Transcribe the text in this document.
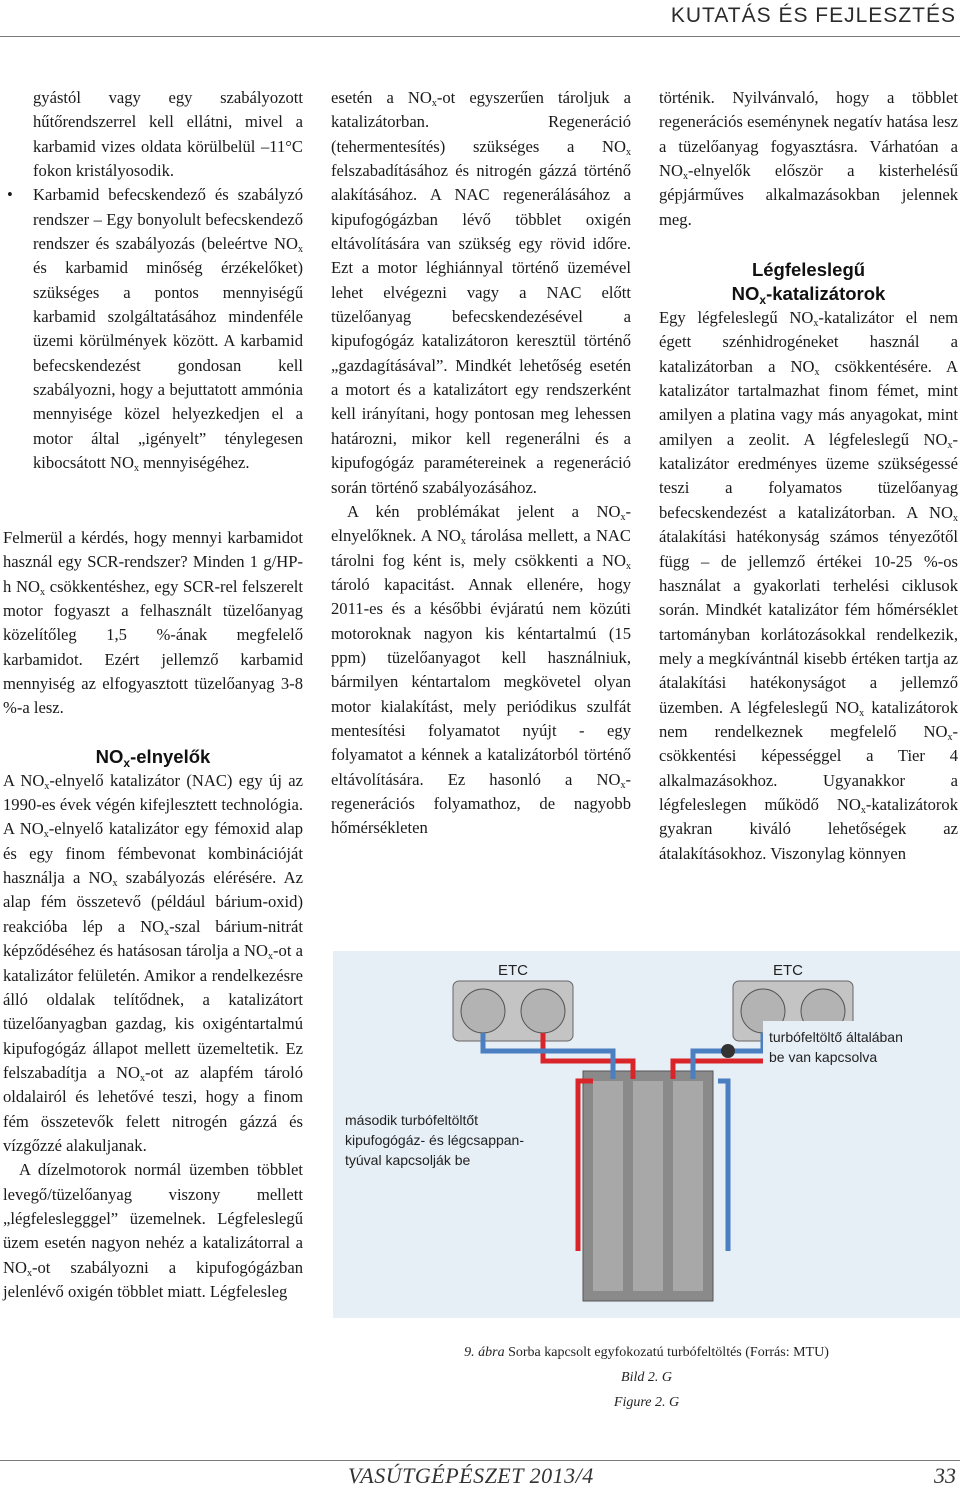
KUTATÁS ÉS FEJLESZTÉS

gyástól vagy egy szabályozott hűtőrendszerrel kell ellátni, mivel a karbamid vizes oldata körülbelül –11°C fokon kristályosodik.

• Karbamid befecskendező és szabályzó rendszer – Egy bonyolult befecskendező rendszer és szabályozás (beleértve $NO_x$ és karbamid minőség érzékelőket) szükséges a pontos mennyiségű karbamid szolgáltatásához mindenféle üzemi körülmények között. A karbamid befecskendezést gondosan kell szabályozni, hogy a bejuttatott ammónia mennyisége közel helyezkedjen el a motor által „igényelt” ténylegesen kibocsátott $NO_x$ mennyiségéhez.

Felmerül a kérdés, hogy mennyi karbamidot használ egy SCR-rendszer? Minden 1 g/HP-h $NO_x$ csökkentéshez, egy SCR-rel felszerelt motor fogyaszt a felhasznált tüzelőanyag közelítőleg 1,5 %-ának megfelelő karbamidot. Ezért jellemző karbamid mennyiség az elfogyasztott tüzelőanyag 3-8 %-a lesz.

$NO_x$-elnyelők

A $NO_x$-elnyelő katalizátor (NAC) egy új az 1990-es évek végén kifejlesztett technológia. A $NO_x$-elnyelő katalizátor egy fémoxid alap és egy finom fémbevonat kombinációját használja a $NO_x$ szabályozás elérésére. Az alap fém összetevő (például bárium-oxid) reakcióba lép a $NO_x$-szal bárium-nitrát képződéséhez és hatásosan tárolja a $NO_x-ot$ a katalizátor felületén. Amikor a rendelkezésre álló oldalak telítődnek, a katalizátort tüzelőanyagban gazdag, kis oxigéntartalmú kipufogógáz állapot mellett üzemeltetik. Ez felszabadítja a $NO_x-ot$ az alapfém tároló oldalairól és lehetővé teszi, hogy a finom fém összetevők felett nitrogén gázzá és vízgőzzé alakuljanak.

A dízelmotorok normál üzemben többlet levegő/tüzelőanyag viszony mellett „légfeleslegggel” üzemelnek. Légfeleslegű üzem esetén nagyon nehéz a katalizátorral a $NO_x-ot$ szabályozni a kipufogógázban jelenlévő oxigén többlet miatt. Légfelesleg

esetén a $NO_x-ot$ egyszerűen tároljuk a katalizátorban. Regeneráció (tehermentesítés) szükséges a $NO_x$ felszabadításához és nitrogén gázzá történő alakításához. A NAC regenerálásához a kipufogógázban lévő többlet oxigén eltávolítására van szükség egy rövid időre. Ezt a motor léghiánnyal történő üzemével lehet elvégezni vagy a NAC előtt tüzelőanyag befecskendezésével a kipufogógáz katalizátoron keresztül történő „gazdagításával”. Mindkét lehetőség esetén a motort és a katalizátort egy rendszerként kell irányítani, hogy pontosan meg lehessen határozni, mikor kell regenerálni és a kipufogógáz paramétereinek a regeneráció során történő szabályozásához.

A kén problémákat jelent a $NO_x$-elnyelőknek. A $NO_x$ tárolása mellett, a NAC tárolni fog ként is, mely csökkenti a $NO_x$ tároló kapacitást. Annak ellenére, hogy 2011-es és a későbbi évjáratú nem közúti motoroknak nagyon kis kéntartalmú (15 ppm) tüzelőanyagot kell használniuk, bármilyen kéntartalom megkövetel olyan motor kialakítást, mely periódikus szulfát mentesítési folyamatot nyújt - egy folyamatot a kénnek a katalizátorból történő eltávolítására. Ez hasonló a $NO_x$-regenerációs folyamathoz, de nagyobb hőmérsékleten

történik. Nyilvánvaló, hogy a többlet regenerációs eseménynek negatív hatása lesz a tüzelőanyag fogyasztásra. Várhatóan a $NO_x$-elnyelők először a kisterhelésű gépjárműves alkalmazásokban jelennek meg.

Légfeleslegű
$NO_x$-katalizátorok

Egy légfeleslegű $NO_x$-katalizátor el nem égett szénhidrogéneket használ a katalizátorban a $NO_x$ csökkentésére. A katalizátor tartalmazhat finom fémet, mint amilyen a platina vagy más anyagokat, mint amilyen a zeolit. A légfeleslegű $NO_x$-katalizátor eredményes üzeme szükségessé teszi a folyamatos tüzelőanyag befecskendezést a katalizátorban. A $NO_x$ átalakítási hatékonyság számos tényezőtől függ – de jellemző értékei 10-25 %-os használat a gyakorlati terhelési ciklusok során. Mindkét katalizátor fém hőmérséklet tartományban korlátozásokkal rendelkezik, mely a megkívántnál kisebb értéken tartja az átalakítási hatékonyságot a jellemző üzemben. A légfeleslegű $NO_x$ katalizátorok nem rendelkeznek megfelelő $NO_x$-csökkentési képességgel a Tier 4 alkalmazásokhoz. Ugyanakkor a légfeleslegen működő $NO_x$-katalizátorok gyakran kiváló lehetőségek az átalakításokhoz. Viszonylag könnyen

ETC	ETC
turbófeltöltő általában be van kapcsolva
második turbófeltöltőt kipufogógáz- és légcsappan- tyúval kapcsolják be
9. ábra Sorba kapcsolt egyfokozatú turbófeltöltés (Forrás: MTU)
Bild 2. G
Figure 2. G
VASÚTGÉPÉSZET 2013/4	33
